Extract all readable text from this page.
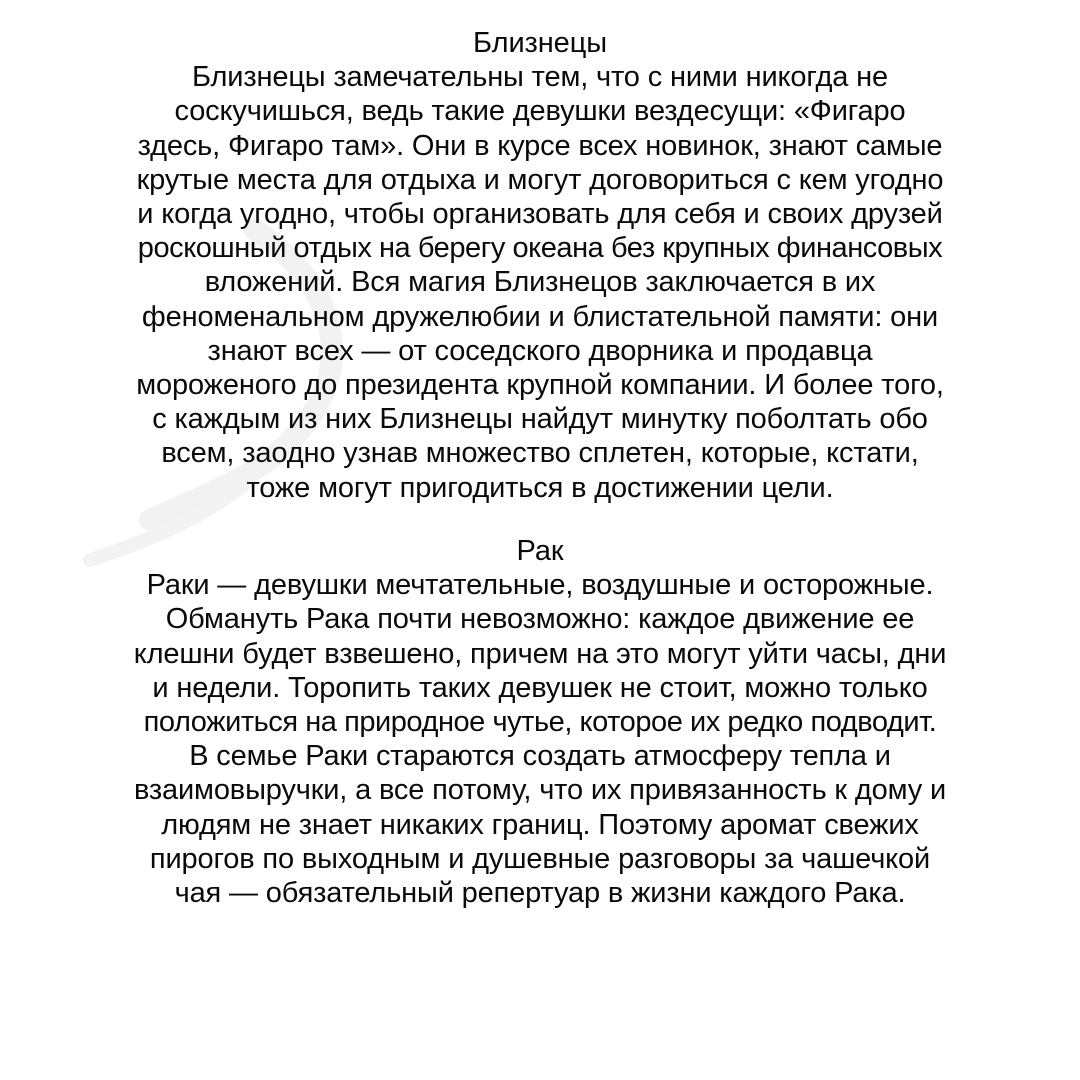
Близнецы
Близнецы замечательны тем, что с ними никогда не
соскучишься, ведь такие девушки вездесущи: «Фигаро
здесь, Фигаро там». Они в курсе всех новинок, знают самые
крутые места для отдыха и могут договориться с кем угодно
и когда угодно, чтобы организовать для себя и своих друзей
роскошный отдых на берегу океана без крупных финансовых
вложений. Вся магия Близнецов заключается в их
феноменальном дружелюбии и блистательной памяти: они
знают всех — от соседского дворника и продавца
мороженого до президента крупной компании. И более того,
с каждым из них Близнецы найдут минутку поболтать обо
всем, заодно узнав множество сплетен, которые, кстати,
тоже могут пригодиться в достижении цели.
Рак
Раки — девушки мечтательные, воздушные и осторожные.
Обмануть Рака почти невозможно: каждое движение ее
клешни будет взвешено, причем на это могут уйти часы, дни
и недели. Торопить таких девушек не стоит, можно только
положиться на природное чутье, которое их редко подводит.
В семье Раки стараются создать атмосферу тепла и
взаимовыручки, а все потому, что их привязанность к дому и
людям не знает никаких границ. Поэтому аромат свежих
пирогов по выходным и душевные разговоры за чашечкой
чая — обязательный репертуар в жизни каждого Рака.
